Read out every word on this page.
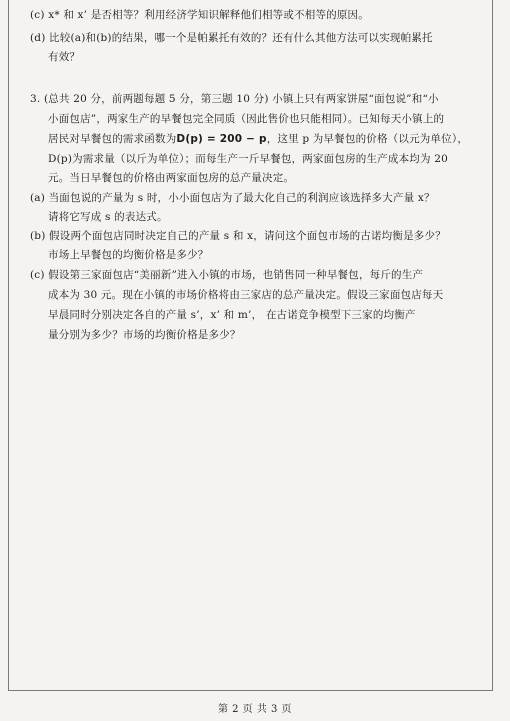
(c) x* 和 x’ 是否相等？利用经济学知识解释他们相等或不相等的原因。
(d) 比较(a)和(b)的结果，哪一个是帕累托有效的？还有什么其他方法可以实现帕累托
有效？
3. (总共 20 分，前两题每题 5 分，第三题 10 分) 小镇上只有两家饼屋“面包说”和“小
小面包店”，两家生产的早餐包完全同质（因此售价也只能相同）。已知每天小镇上的
居民对早餐包的需求函数为D(p) = 200 − p，这里 p 为早餐包的价格（以元为单位），
D(p)为需求量（以斤为单位）；而每生产一斤早餐包，两家面包房的生产成本均为 20
元。当日早餐包的价格由两家面包房的总产量决定。
(a) 当面包说的产量为 s 时，小小面包店为了最大化自己的利润应该选择多大产量 x？
请将它写成 s 的表达式。
(b) 假设两个面包店同时决定自己的产量 s 和 x，请问这个面包市场的古诺均衡是多少？
市场上早餐包的均衡价格是多少？
(c) 假设第三家面包店“美丽新”进入小镇的市场，也销售同一种早餐包，每斤的生产
成本为 30 元。现在小镇的市场价格将由三家店的总产量决定。假设三家面包店每天
早晨同时分别决定各自的产量 s’，x’ 和 m’， 在古诺竞争模型下三家的均衡产
量分别为多少？市场的均衡价格是多少？
第 2 页 共 3 页
